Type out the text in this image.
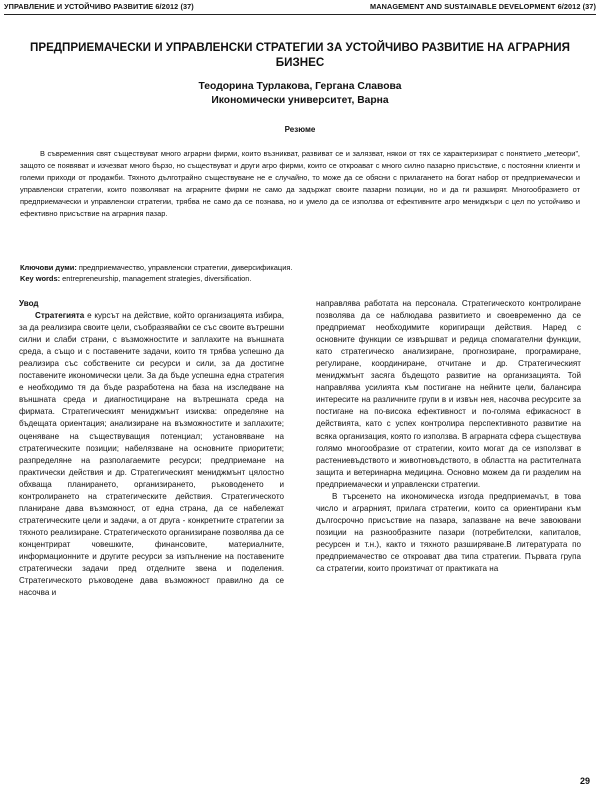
УПРАВЛЕНИЕ И УСТОЙЧИВО РАЗВИТИЕ 6/2012 (37)	MANAGEMENT AND SUSTAINABLE DEVELOPMENT 6/2012 (37)
ПРЕДПРИЕМАЧЕСКИ И УПРАВЛЕНСКИ СТРАТЕГИИ ЗА УСТОЙЧИВО РАЗВИТИЕ НА АГРАРНИЯ БИЗНЕС
Теодорина Турлакова, Гергана Славова
Икономически университет, Варна
Резюме

В съвременния свят съществуват много аграрни фирми, които възникват, развиват се и залязват, някои от тях се характеризират с понятието „метеори”, защото се появяват и изчезват много бързо, но съществуват и други агро фирми, които се откроават с много силно пазарно присъствие, с постоянни клиенти и големи приходи от продажби. Тяхното дълготрайно съществуване не е случайно, то може да се обясни с прилагането на богат набор от предприемачески и управленски стратегии, които позволяват на аграрните фирми не само да задържат своите пазарни позиции, но и да ги разширят. Многообразието от предприемачески и управленски стратегии, трябва не само да се познава, но и умело да се използва от ефективните агро мениджъри с цел по устойчиво и ефективно присъствие на аграрния пазар.

Ключови думи: предприемачество, управленски стратегии, диверсификация.

Key words: entrepreneurship, management strategies, diversification.

Увод

Стратегията е курсът на действие, който организацията избира, за да реализира своите цели, съобразявайки се със своите вътрешни силни и слаби страни, с възможностите и заплахите на външната среда, а също и с поставените задачи, които тя трябва успешно да реализира със собствените си ресурси и сили, за да достигне поставените икономически цели. За да бъде успешна една стратегия е необходимо тя да бъде разработена на база на изследване на външната среда и диагностициране на вътрешната среда на фирмата. Стратегическият мениджмънт изисква: определяне на бъдещата ориентация; анализиране на възможностите и заплахите; оценяване на съществуващия потенциал; установяване на стратегическите позиции; набелязване на основните приоритети; разпределяне на разполагаемите ресурси; предприемане на практически действия и др. Стратегическият мениджмънт цялостно обхваща планирането, организирането, ръководенето и контролирането на стратегическите действия. Стратегическото планиране дава възможност, от една страна, да се набележат стратегическите цели и задачи, а от друга - конкретните стратегии за тяхното реализиране. Стратегическото организиране позволява да се концентрират човешките, финансовите, материалните, информационните и другите ресурси за изпълнение на поставените стратегически задачи пред отделните звена и поделения. Стратегическото ръководене дава възможност правилно да се насочва и

направлява работата на персонала. Стратегическото контролиране позволява да се наблюдава развитието и своевременно да се предприемат необходимите коригиращи действия. Наред с основните функции се извършват и редица спомагателни функции, като стратегическо анализиране, прогнозиране, програмиране, регулиране, координиране, отчитане и др. Стратегическият мениджмънт засяга бъдещото развитие на организацията. Той направлява усилията към постигане на нейните цели, балансира интересите на различните групи в и извън нея, насочва ресурсите за постигане на по-висока ефективност и по-голяма ефикасност в действията, като с успех контролира перспективното развитие на всяка организация, която го използва. В аграрната сфера съществува голямо многообразие от стратегии, които могат да се използват в растениевъдството и животновъдството, в областта на растителната защита и ветеринарна медицина. Основно можем да ги разделим на предприемачески и управленски стратегии.

В търсенето на икономическа изгода предприемачът, в това число и аграрният, прилага стратегии, които са ориентирани към дългосрочно присъствие на пазара, запазване на вече завоювани позиции на разнообразните пазари (потребителски, капиталов, ресурсен и т.н.), както и тяхното разширяване.В литературата по предприемачество се откроават два типа стратегии. Първата група са стратегии, които произтичат от практиката на

29
